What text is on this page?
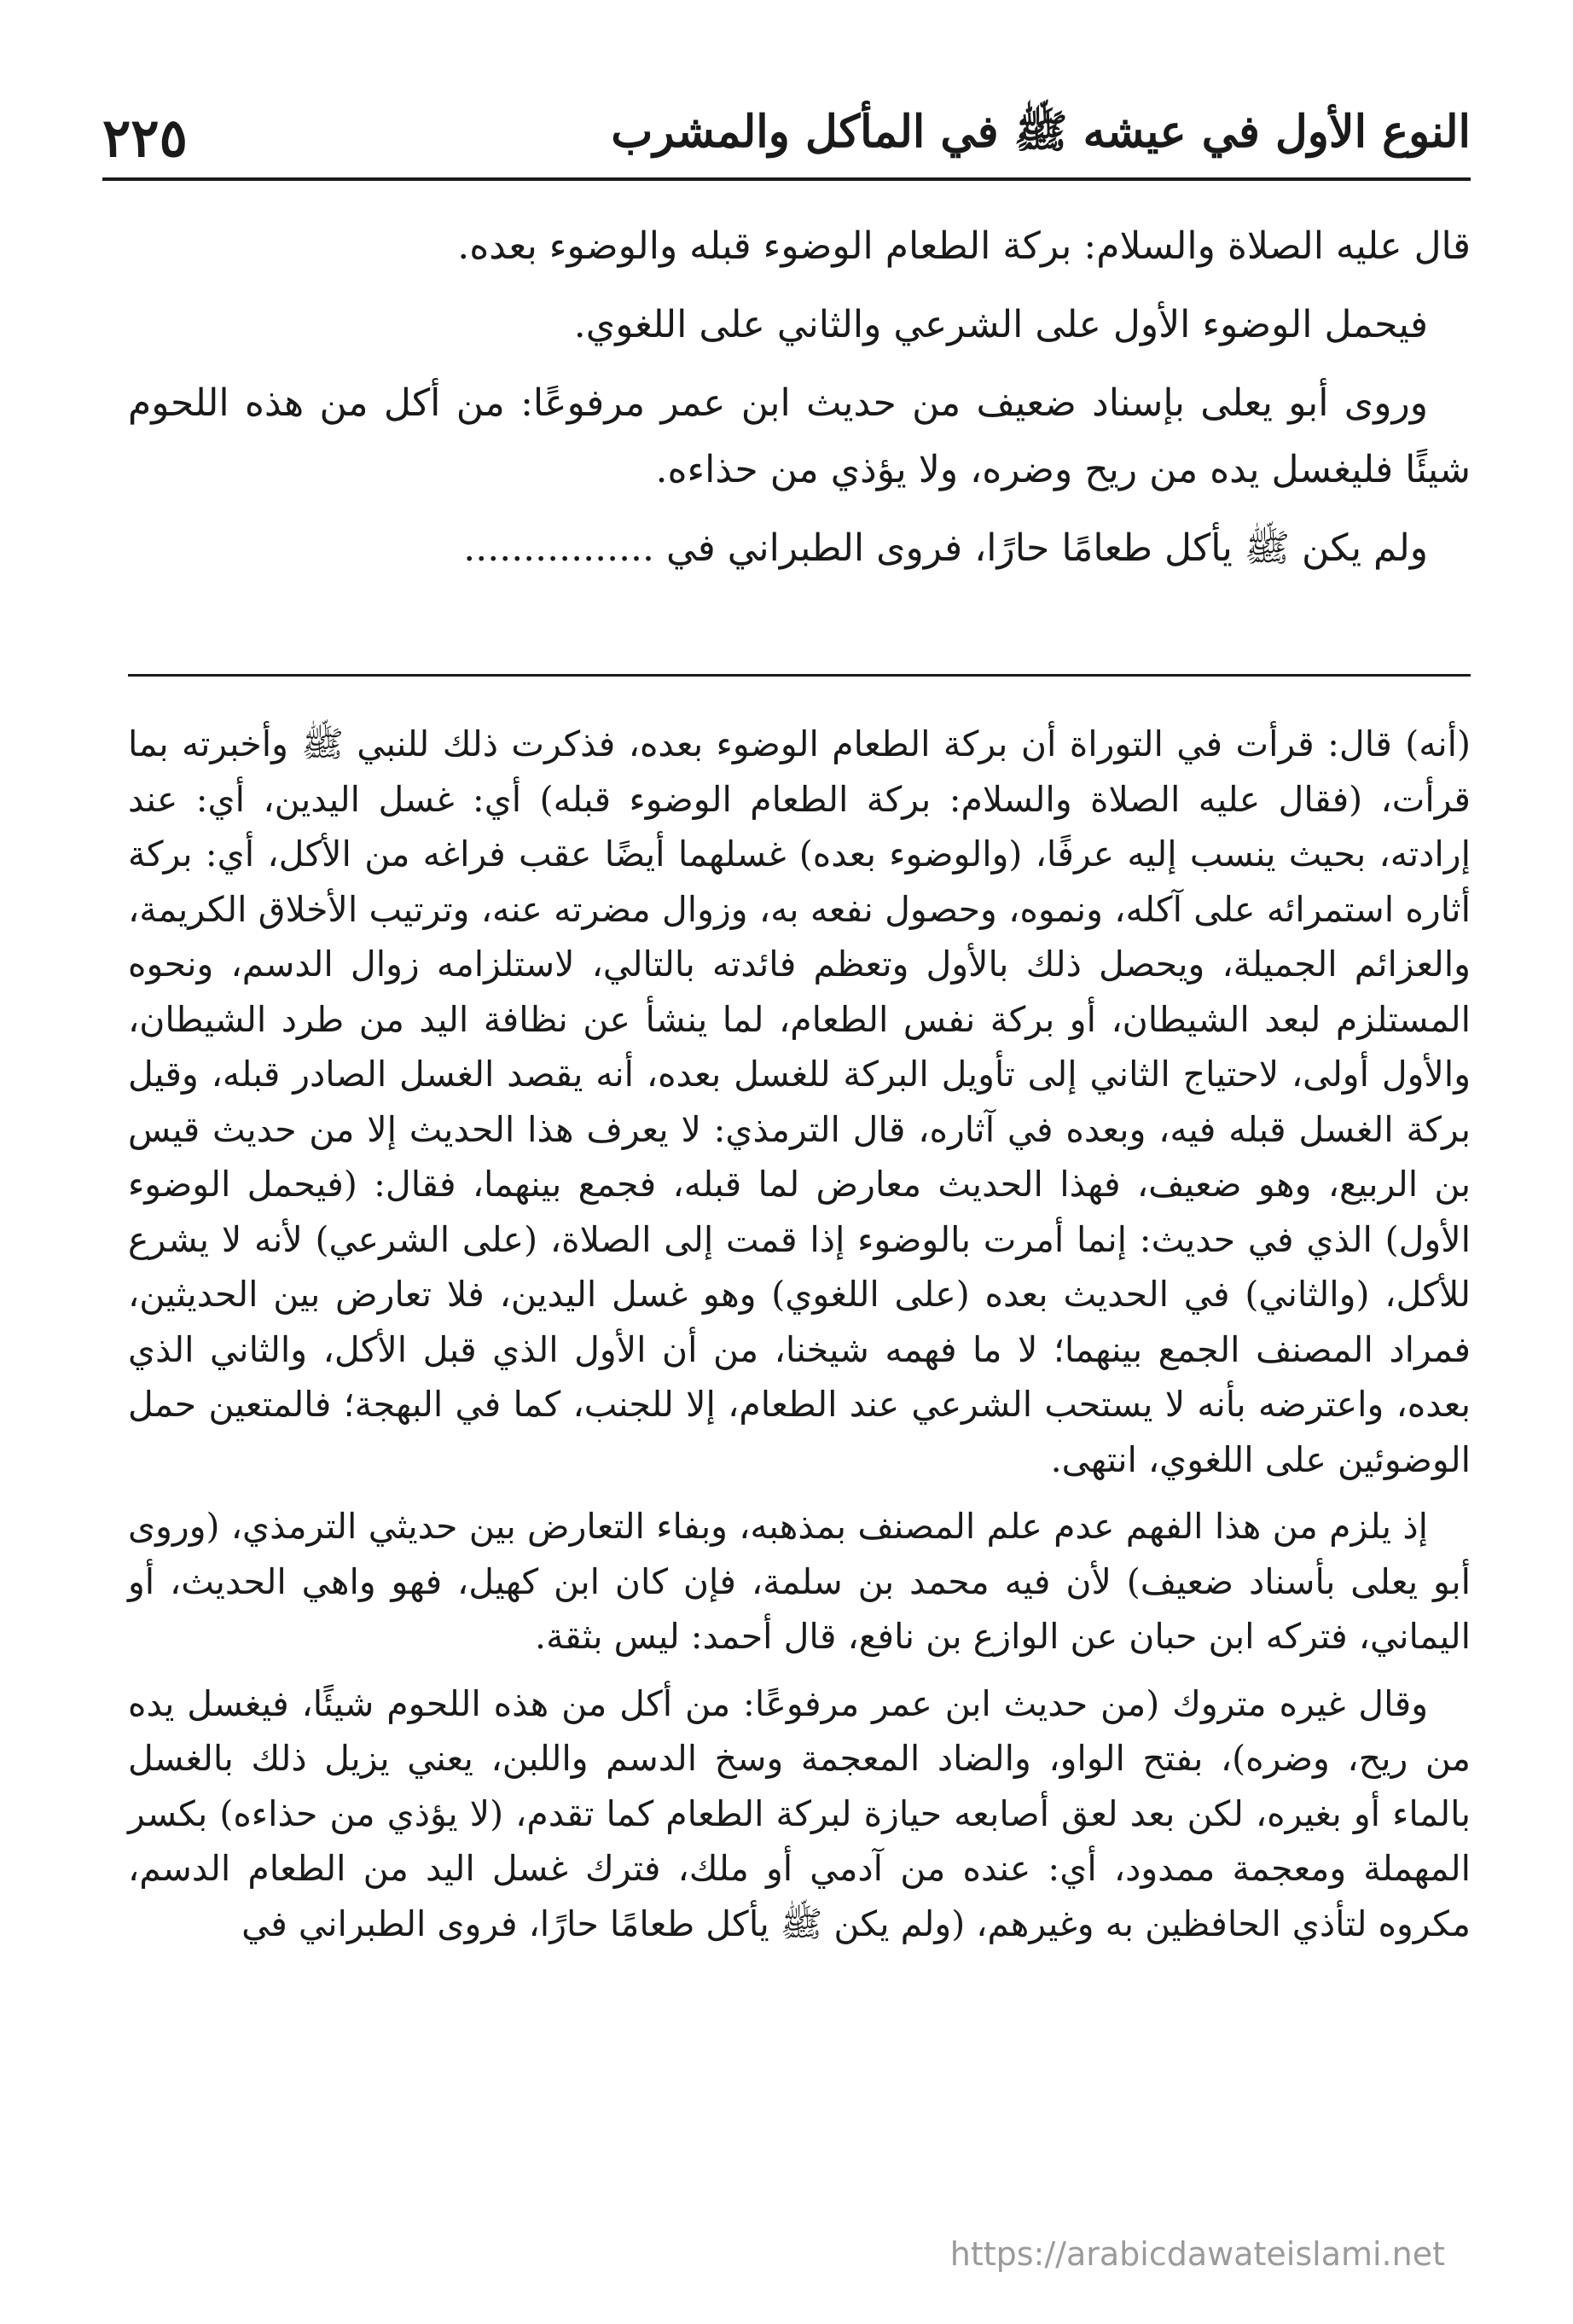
النوع الأول في عيشه ﷺ في المأكل والمشرب
٢٢٥

قال عليه الصلاة والسلام: بركة الطعام الوضوء قبله والوضوء بعده.

فيحمل الوضوء الأول على الشرعي والثاني على اللغوي.

وروى أبو يعلى بإسناد ضعيف من حديث ابن عمر مرفوعًا: من أكل من هذه اللحوم شيئًا فليغسل يده من ريح وضره، ولا يؤذي من حذاءه.

ولم يكن ﷺ يأكل طعامًا حارًا، فروى الطبراني في ................

(أنه) قال: قرأت في التوراة أن بركة الطعام الوضوء بعده، فذكرت ذلك للنبي ﷺ وأخبرته بما قرأت، (فقال عليه الصلاة والسلام: بركة الطعام الوضوء قبله) أي: غسل اليدين، أي: عند إرادته، بحيث ينسب إليه عرفًا، (والوضوء بعده) غسلهما أيضًا عقب فراغه من الأكل، أي: بركة أثاره استمرائه على آكله، ونموه، وحصول نفعه به، وزوال مضرته عنه، وترتيب الأخلاق الكريمة، والعزائم الجميلة، ويحصل ذلك بالأول وتعظم فائدته بالتالي، لاستلزامه زوال الدسم، ونحوه المستلزم لبعد الشيطان، أو بركة نفس الطعام، لما ينشأ عن نظافة اليد من طرد الشيطان، والأول أولى، لاحتياج الثاني إلى تأويل البركة للغسل بعده، أنه يقصد الغسل الصادر قبله، وقيل بركة الغسل قبله فيه، وبعده في آثاره، قال الترمذي: لا يعرف هذا الحديث إلا من حديث قيس بن الربيع، وهو ضعيف، فهذا الحديث معارض لما قبله، فجمع بينهما، فقال: (فيحمل الوضوء الأول) الذي في حديث: إنما أمرت بالوضوء إذا قمت إلى الصلاة، (على الشرعي) لأنه لا يشرع للأكل، (والثاني) في الحديث بعده (على اللغوي) وهو غسل اليدين، فلا تعارض بين الحديثين، فمراد المصنف الجمع بينهما؛ لا ما فهمه شيخنا، من أن الأول الذي قبل الأكل، والثاني الذي بعده، واعترضه بأنه لا يستحب الشرعي عند الطعام، إلا للجنب، كما في البهجة؛ فالمتعين حمل الوضوئين على اللغوي، انتهى.

إذ يلزم من هذا الفهم عدم علم المصنف بمذهبه، وبفاء التعارض بين حديثي الترمذي، (وروى أبو يعلى بأسناد ضعيف) لأن فيه محمد بن سلمة، فإن كان ابن كهيل، فهو واهي الحديث، أو اليماني، فتركه ابن حبان عن الوازع بن نافع، قال أحمد: ليس بثقة.

وقال غيره متروك (من حديث ابن عمر مرفوعًا: من أكل من هذه اللحوم شيئًا، فيغسل يده من ريح، وضره)، بفتح الواو، والضاد المعجمة وسخ الدسم واللبن، يعني يزيل ذلك بالغسل بالماء أو بغيره، لكن بعد لعق أصابعه حيازة لبركة الطعام كما تقدم، (لا يؤذي من حذاءه) بكسر المهملة ومعجمة ممدود، أي: عنده من آدمي أو ملك، فترك غسل اليد من الطعام الدسم، مكروه لتأذي الحافظين به وغيرهم، (ولم يكن ﷺ يأكل طعامًا حارًا، فروى الطبراني في

https://arabicdawateislami.net
